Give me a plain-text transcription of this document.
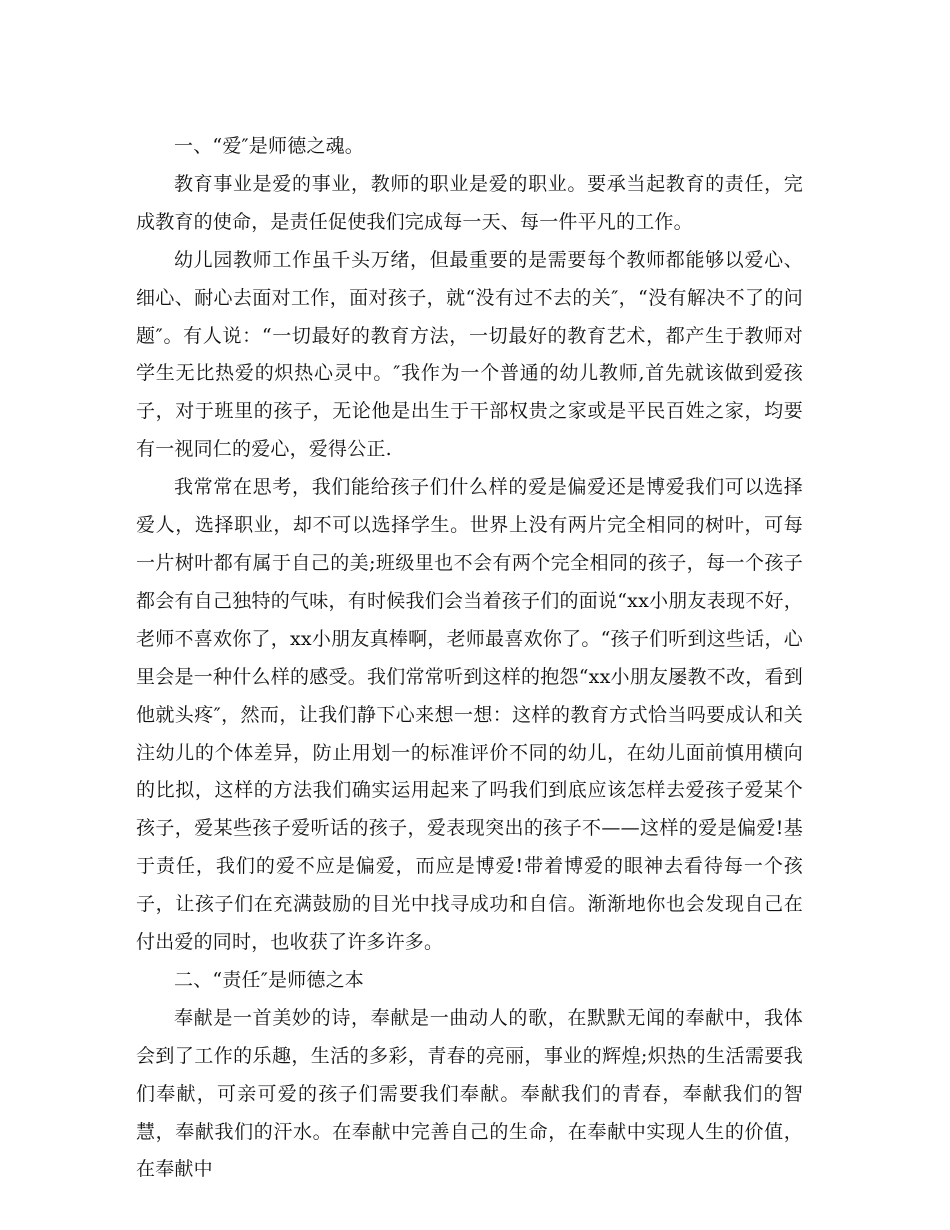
一、“爱″是师德之魂。

教育事业是爱的事业，教师的职业是爱的职业。要承当起教育的责任，完成教育的使命，是责任促使我们完成每一天、每一件平凡的工作。

幼儿园教师工作虽千头万绪，但最重要的是需要每个教师都能够以爱心、细心、耐心去面对工作，面对孩子，就“没有过不去的关″，“没有解决不了的问题″。有人说：“一切最好的教育方法，一切最好的教育艺术，都产生于教师对学生无比热爱的炽热心灵中。″我作为一个普通的幼儿教师,首先就该做到爱孩子，对于班里的孩子，无论他是出生于干部权贵之家或是平民百姓之家，均要有一视同仁的爱心，爱得公正.

我常常在思考，我们能给孩子们什么样的爱是偏爱还是博爱我们可以选择爱人，选择职业，却不可以选择学生。世界上没有两片完全相同的树叶，可每一片树叶都有属于自己的美;班级里也不会有两个完全相同的孩子，每一个孩子都会有自己独特的气味，有时候我们会当着孩子们的面说“xx小朋友表现不好，老师不喜欢你了，xx小朋友真棒啊，老师最喜欢你了。“孩子们听到这些话，心里会是一种什么样的感受。我们常常听到这样的抱怨“xx小朋友屡教不改，看到他就头疼″，然而，让我们静下心来想一想：这样的教育方式恰当吗要成认和关注幼儿的个体差异，防止用划一的标准评价不同的幼儿，在幼儿面前慎用横向的比拟，这样的方法我们确实运用起来了吗我们到底应该怎样去爱孩子爱某个孩子，爱某些孩子爱听话的孩子，爱表现突出的孩子不——这样的爱是偏爱!基于责任，我们的爱不应是偏爱，而应是博爱!带着博爱的眼神去看待每一个孩子，让孩子们在充满鼓励的目光中找寻成功和自信。渐渐地你也会发现自己在付出爱的同时，也收获了许多许多。

二、“责任″是师德之本

奉献是一首美妙的诗，奉献是一曲动人的歌，在默默无闻的奉献中，我体会到了工作的乐趣，生活的多彩，青春的亮丽，事业的辉煌;炽热的生活需要我们奉献，可亲可爱的孩子们需要我们奉献。奉献我们的青春，奉献我们的智慧，奉献我们的汗水。在奉献中完善自己的生命，在奉献中实现人生的价值，在奉献中
